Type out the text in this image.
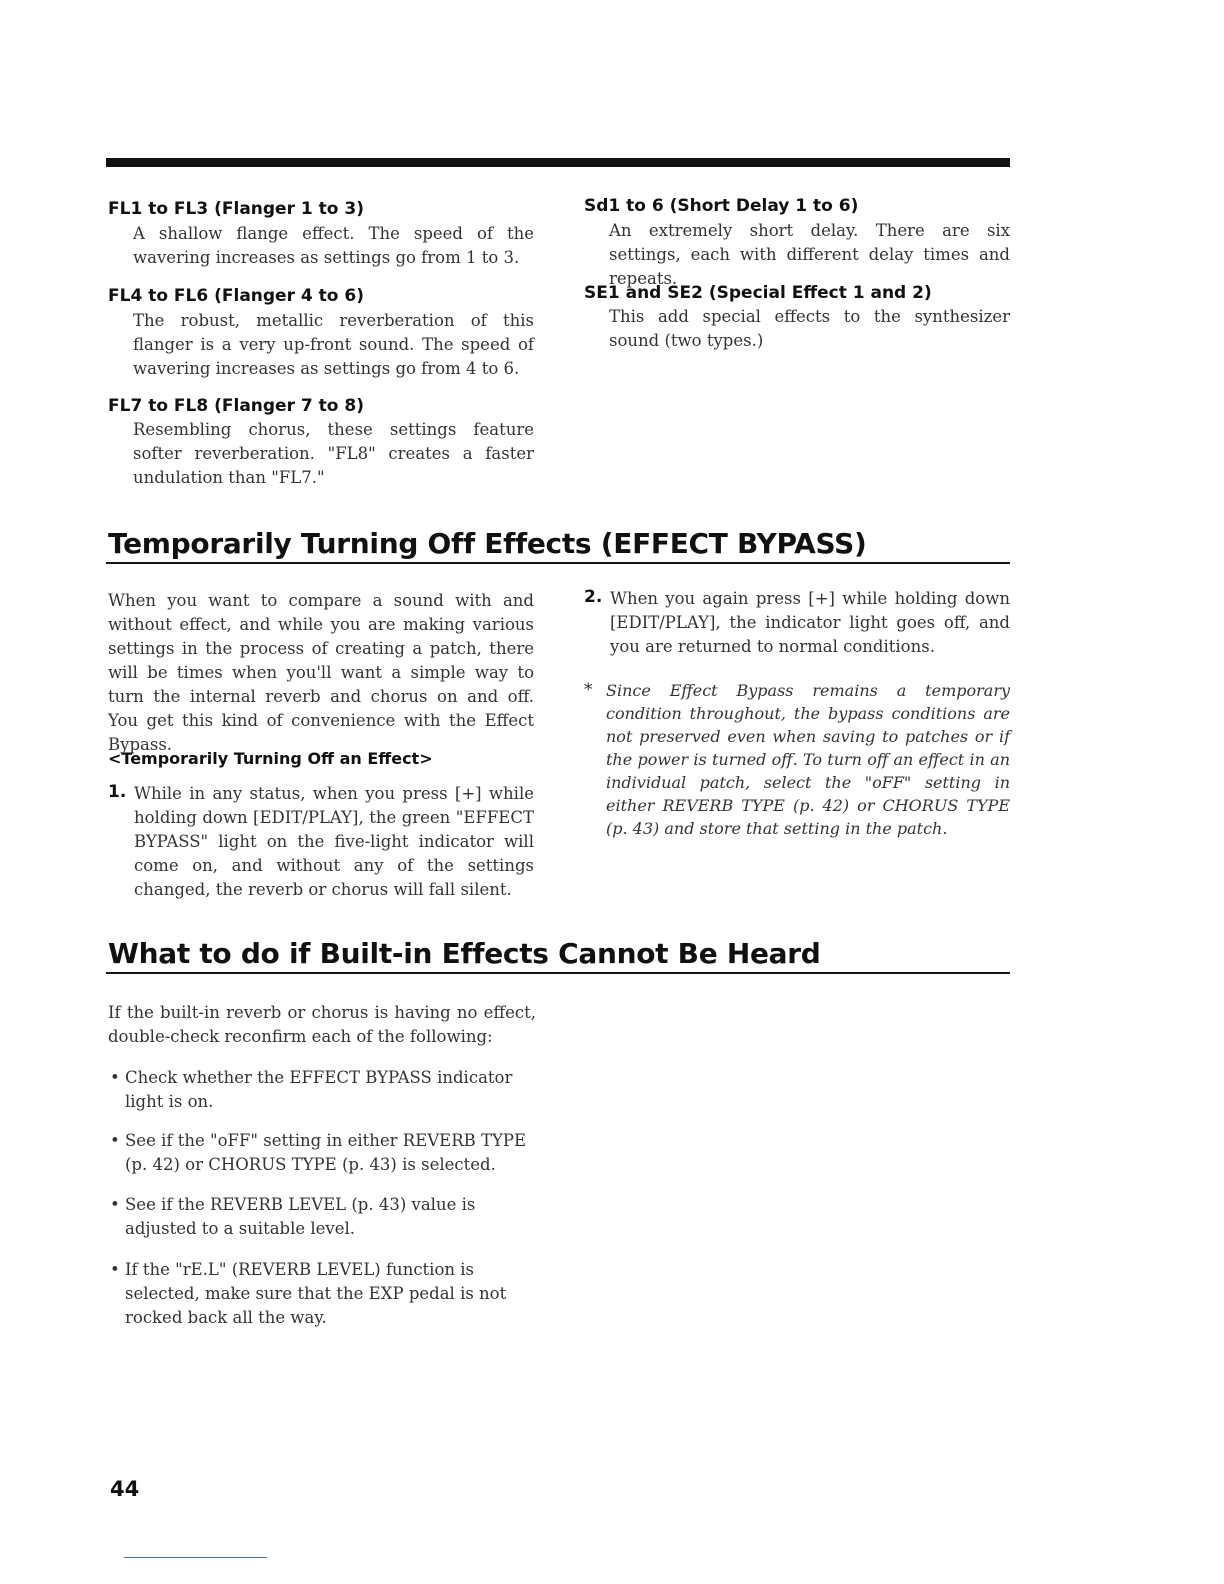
FL1 to FL3 (Flanger 1 to 3)

A shallow flange effect. The speed of the wavering increases as settings go from 1 to 3.

FL4 to FL6 (Flanger 4 to 6)

The robust, metallic reverberation of this flanger is a very up-front sound. The speed of wavering increases as settings go from 4 to 6.

FL7 to FL8 (Flanger 7 to 8)

Resembling chorus, these settings feature softer reverberation. "FL8" creates a faster undulation than "FL7."

Sd1 to 6 (Short Delay 1 to 6)

An extremely short delay. There are six settings, each with different delay times and repeats.

SE1 and SE2 (Special Effect 1 and 2)

This add special effects to the synthesizer sound (two types.)

Temporarily Turning Off Effects (EFFECT BYPASS)

When you want to compare a sound with and without effect, and while you are making various settings in the process of creating a patch, there will be times when you'll want a simple way to turn the internal reverb and chorus on and off. You get this kind of convenience with the Effect Bypass.

<Temporarily Turning Off an Effect>
1. While in any status, when you press [+] while holding down [EDIT/PLAY], the green "EFFECT BYPASS" light on the five-light indicator will come on, and without any of the settings changed, the reverb or chorus will fall silent.

2. When you again press [+] while holding down [EDIT/PLAY], the indicator light goes off, and you are returned to normal conditions.

* Since Effect Bypass remains a temporary condition throughout, the bypass conditions are not preserved even when saving to patches or if the power is turned off. To turn off an effect in an individual patch, select the "oFF" setting in either REVERB TYPE (p. 42) or CHORUS TYPE (p. 43) and store that setting in the patch.

What to do if Built-in Effects Cannot Be Heard

If the built-in reverb or chorus is having no effect, double-check reconfirm each of the following:

• Check whether the EFFECT BYPASS indicator light is on.

• See if the "oFF" setting in either REVERB TYPE (p. 42) or CHORUS TYPE (p. 43) is selected.

• See if the REVERB LEVEL (p. 43) value is adjusted to a suitable level.

• If the "rE.L" (REVERB LEVEL) function is selected, make sure that the EXP pedal is not rocked back all the way.

44
